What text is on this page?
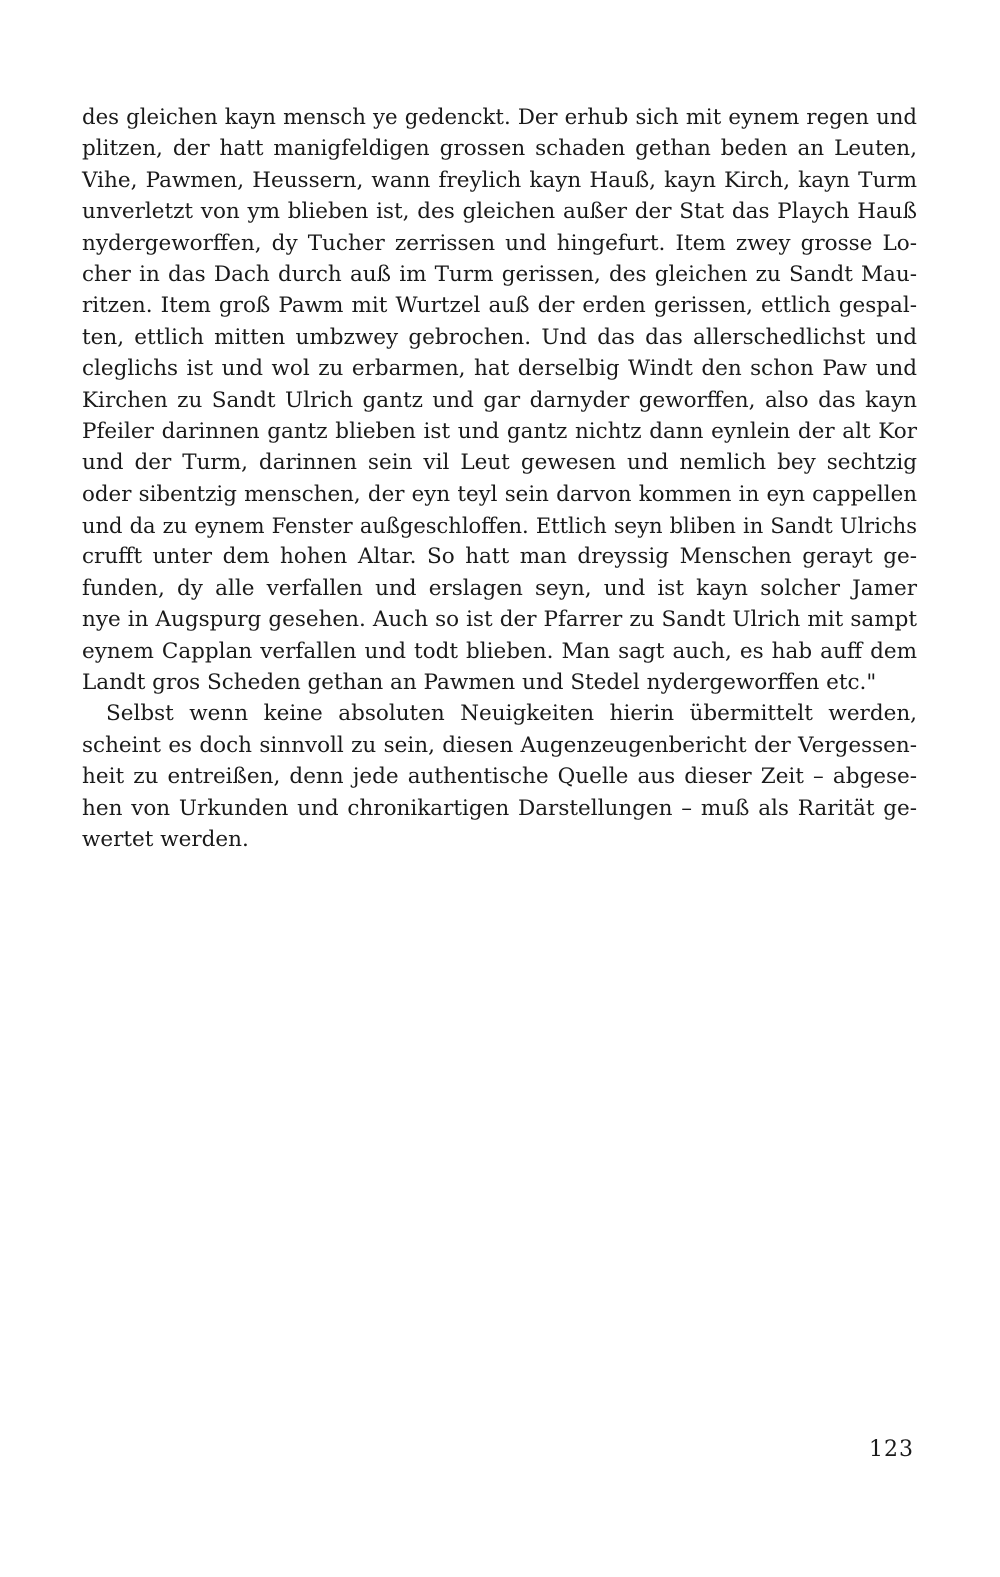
des gleichen kayn mensch ye gedenckt. Der erhub sich mit eynem regen und
plitzen, der hatt manigfeldigen grossen schaden gethan beden an Leuten,
Vihe, Pawmen, Heussern, wann freylich kayn Hauß, kayn Kirch, kayn Turm
unverletzt von ym blieben ist, des gleichen außer der Stat das Playch Hauß
nydergeworffen, dy Tucher zerrissen und hingefurt. Item zwey grosse Lo-
cher in das Dach durch auß im Turm gerissen, des gleichen zu Sandt Mau-
ritzen. Item groß Pawm mit Wurtzel auß der erden gerissen, ettlich gespal-
ten, ettlich mitten umbzwey gebrochen. Und das das allerschedlichst und
cleglichs ist und wol zu erbarmen, hat derselbig Windt den schon Paw und
Kirchen zu Sandt Ulrich gantz und gar darnyder geworffen, also das kayn
Pfeiler darinnen gantz blieben ist und gantz nichtz dann eynlein der alt Kor
und der Turm, darinnen sein vil Leut gewesen und nemlich bey sechtzig
oder sibentzig menschen, der eyn teyl sein darvon kommen in eyn cappellen
und da zu eynem Fenster außgeschloffen. Ettlich seyn bliben in Sandt Ulrichs
crufft unter dem hohen Altar. So hatt man dreyssig Menschen gerayt ge-
funden, dy alle verfallen und erslagen seyn, und ist kayn solcher Jamer
nye in Augspurg gesehen. Auch so ist der Pfarrer zu Sandt Ulrich mit sampt
eynem Capplan verfallen und todt blieben. Man sagt auch, es hab auff dem
Landt gros Scheden gethan an Pawmen und Stedel nydergeworffen etc."
Selbst wenn keine absoluten Neuigkeiten hierin übermittelt werden,
scheint es doch sinnvoll zu sein, diesen Augenzeugenbericht der Vergessen-
heit zu entreißen, denn jede authentische Quelle aus dieser Zeit – abgese-
hen von Urkunden und chronikartigen Darstellungen – muß als Rarität ge-
wertet werden.
123
